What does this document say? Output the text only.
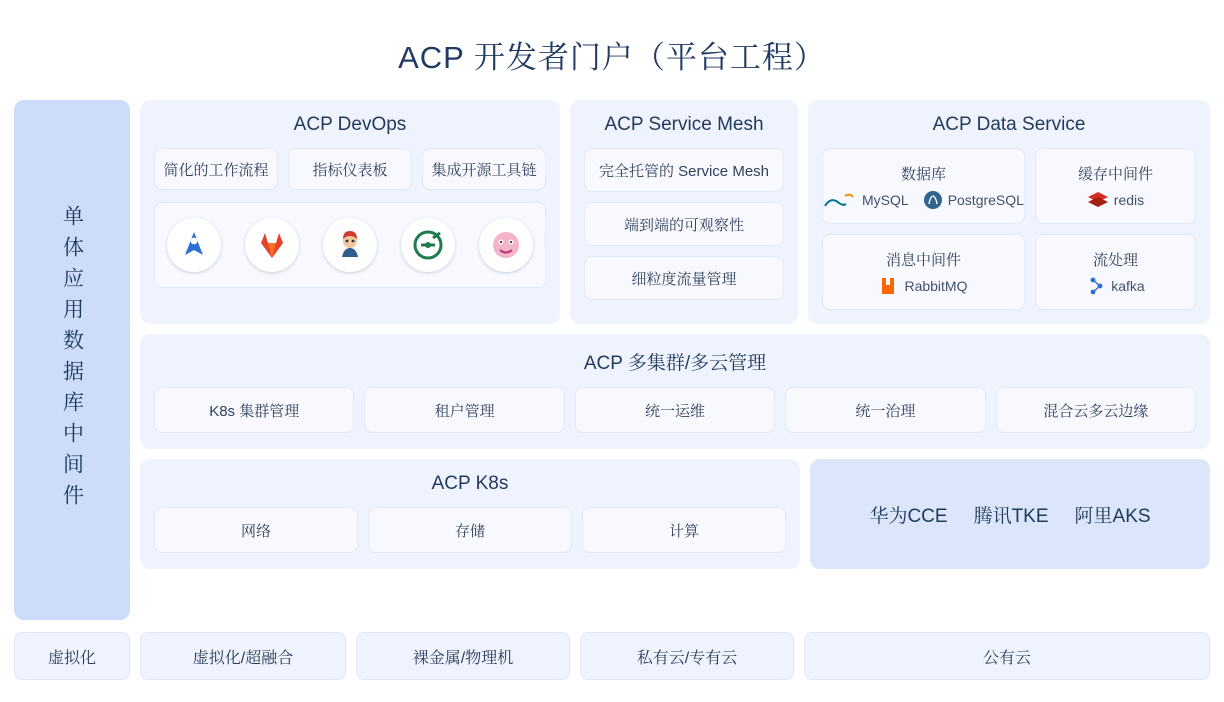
ACP 开发者门户（平台工程）
单体应用数据库中间件
ACP DevOps
简化的工作流程	指标仪表板	集成开源工具链
ACP Service Mesh
完全托管的 Service Mesh
端到端的可观察性
细粒度流量管理
ACP Data Service
数据库
MySQL	PostgreSQL
缓存中间件
redis
消息中间件
RabbitMQ
流处理
kafka
ACP 多集群/多云管理
K8s 集群管理	租户管理	统一运维	统一治理	混合云多云边缘
ACP K8s
网络	存储	计算
华为CCE 腾讯TKE 阿里AKS
虚拟化	虚拟化/超融合	裸金属/物理机	私有云/专有云	公有云
